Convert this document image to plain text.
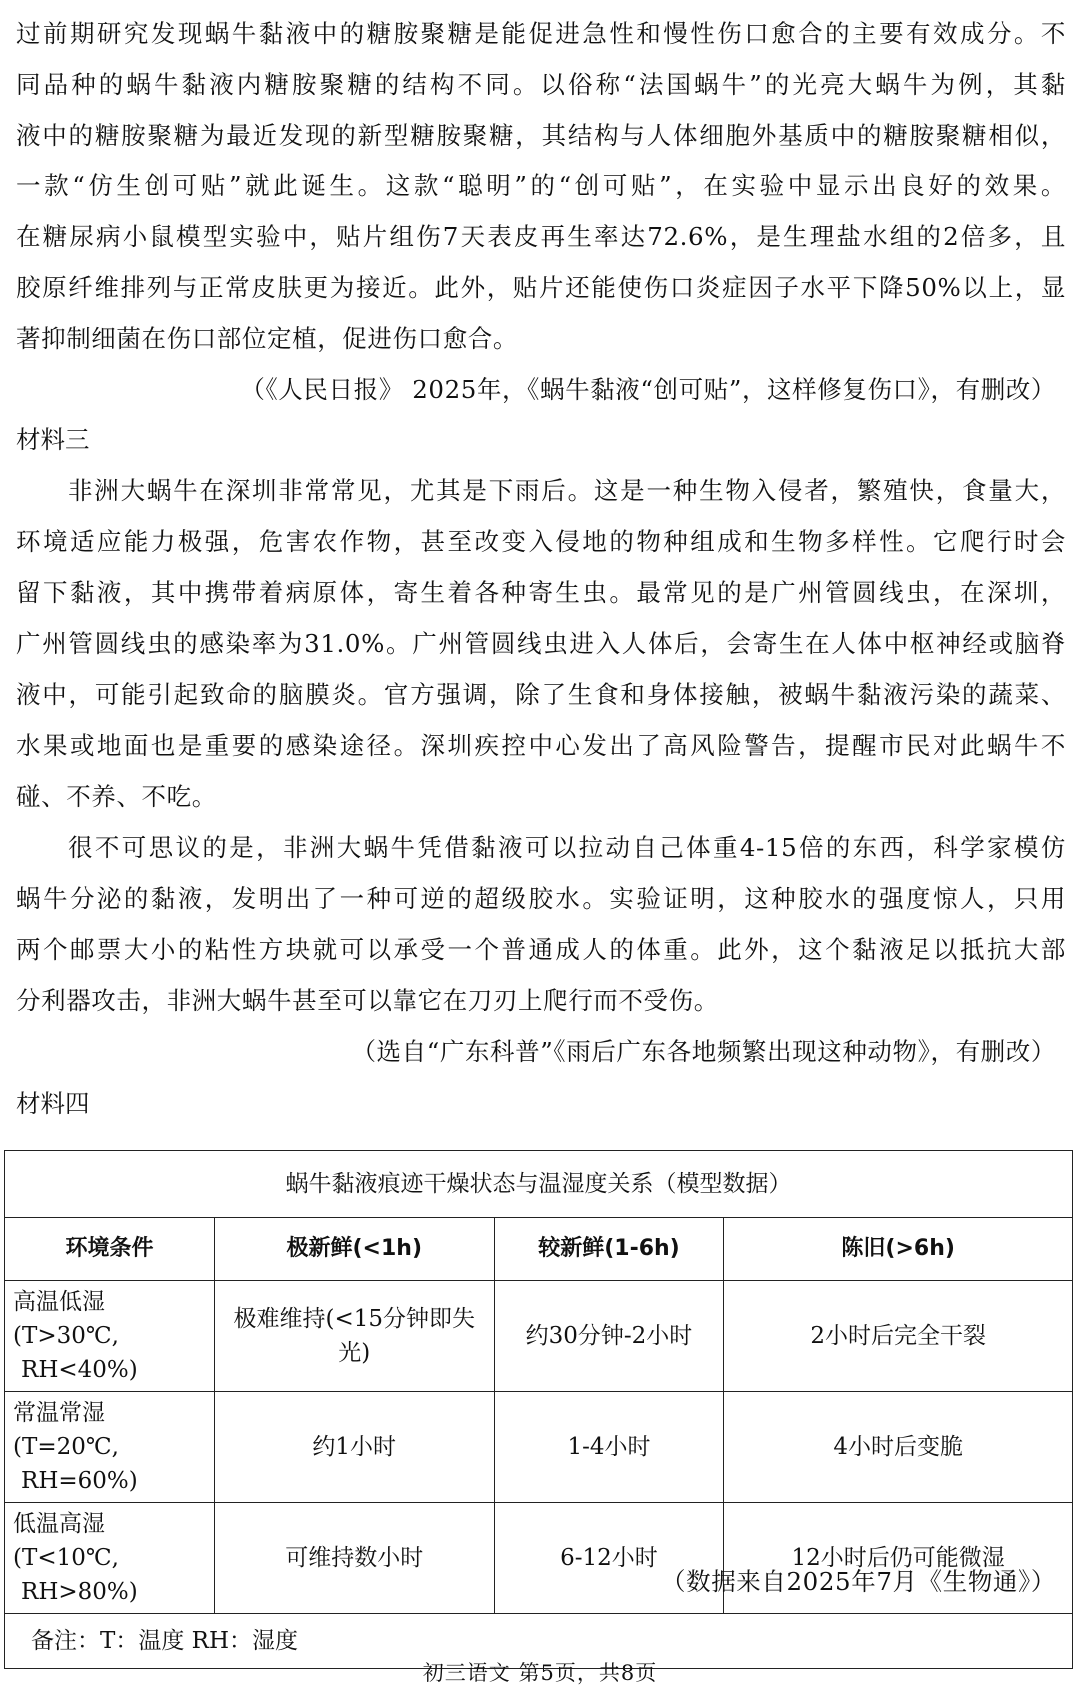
过前期研究发现蜗牛黏液中的糖胺聚糖是能促进急性和慢性伤口愈合的主要有效成分。不
同品种的蜗牛黏液内糖胺聚糖的结构不同。以俗称“法国蜗牛”的光亮大蜗牛为例，其黏
液中的糖胺聚糖为最近发现的新型糖胺聚糖，其结构与人体细胞外基质中的糖胺聚糖相似，
一款“仿生创可贴”就此诞生。这款“聪明”的“创可贴”，在实验中显示出良好的效果。
在糖尿病小鼠模型实验中，贴片组伤7天表皮再生率达72.6%，是生理盐水组的2倍多，且
胶原纤维排列与正常皮肤更为接近。此外，贴片还能使伤口炎症因子水平下降50%以上，显
著抑制细菌在伤口部位定植，促进伤口愈合。
（《人民日报》 2025年，《蜗牛黏液“创可贴”，这样修复伤口》，有删改）
材料三
非洲大蜗牛在深圳非常常见，尤其是下雨后。这是一种生物入侵者，繁殖快，食量大，
环境适应能力极强，危害农作物，甚至改变入侵地的物种组成和生物多样性。它爬行时会
留下黏液，其中携带着病原体，寄生着各种寄生虫。最常见的是广州管圆线虫，在深圳，
广州管圆线虫的感染率为31.0%。广州管圆线虫进入人体后，会寄生在人体中枢神经或脑脊
液中，可能引起致命的脑膜炎。官方强调，除了生食和身体接触，被蜗牛黏液污染的蔬菜、
水果或地面也是重要的感染途径。深圳疾控中心发出了高风险警告，提醒市民对此蜗牛不
碰、不养、不吃。
很不可思议的是，非洲大蜗牛凭借黏液可以拉动自己体重4-15倍的东西，科学家模仿
蜗牛分泌的黏液，发明出了一种可逆的超级胶水。实验证明，这种胶水的强度惊人，只用
两个邮票大小的粘性方块就可以承受一个普通成人的体重。此外，这个黏液足以抵抗大部
分利器攻击，非洲大蜗牛甚至可以靠它在刀刃上爬行而不受伤。
（选自“广东科普”《雨后广东各地频繁出现这种动物》，有删改）
材料四
蜗牛黏液痕迹干燥状态与温湿度关系（模型数据）			
环境条件	极新鲜(<1h)	较新鲜(1-6h)	陈旧(>6h)

高温低湿(T>30℃,
RH<40%)	极难维持(<15分钟即失光)	约30分钟-2小时	2小时后完全干裂

常温常湿(T=20℃,
RH=60%)	约1小时	1-4小时	4小时后变脆

低温高湿(T<10℃,
RH>80%)	可维持数小时	6-12小时	12小时后仍可能微湿
备注：T：温度 RH：湿度			
（数据来自2025年7月《生物通》）
初三语文 第5页，共8页
